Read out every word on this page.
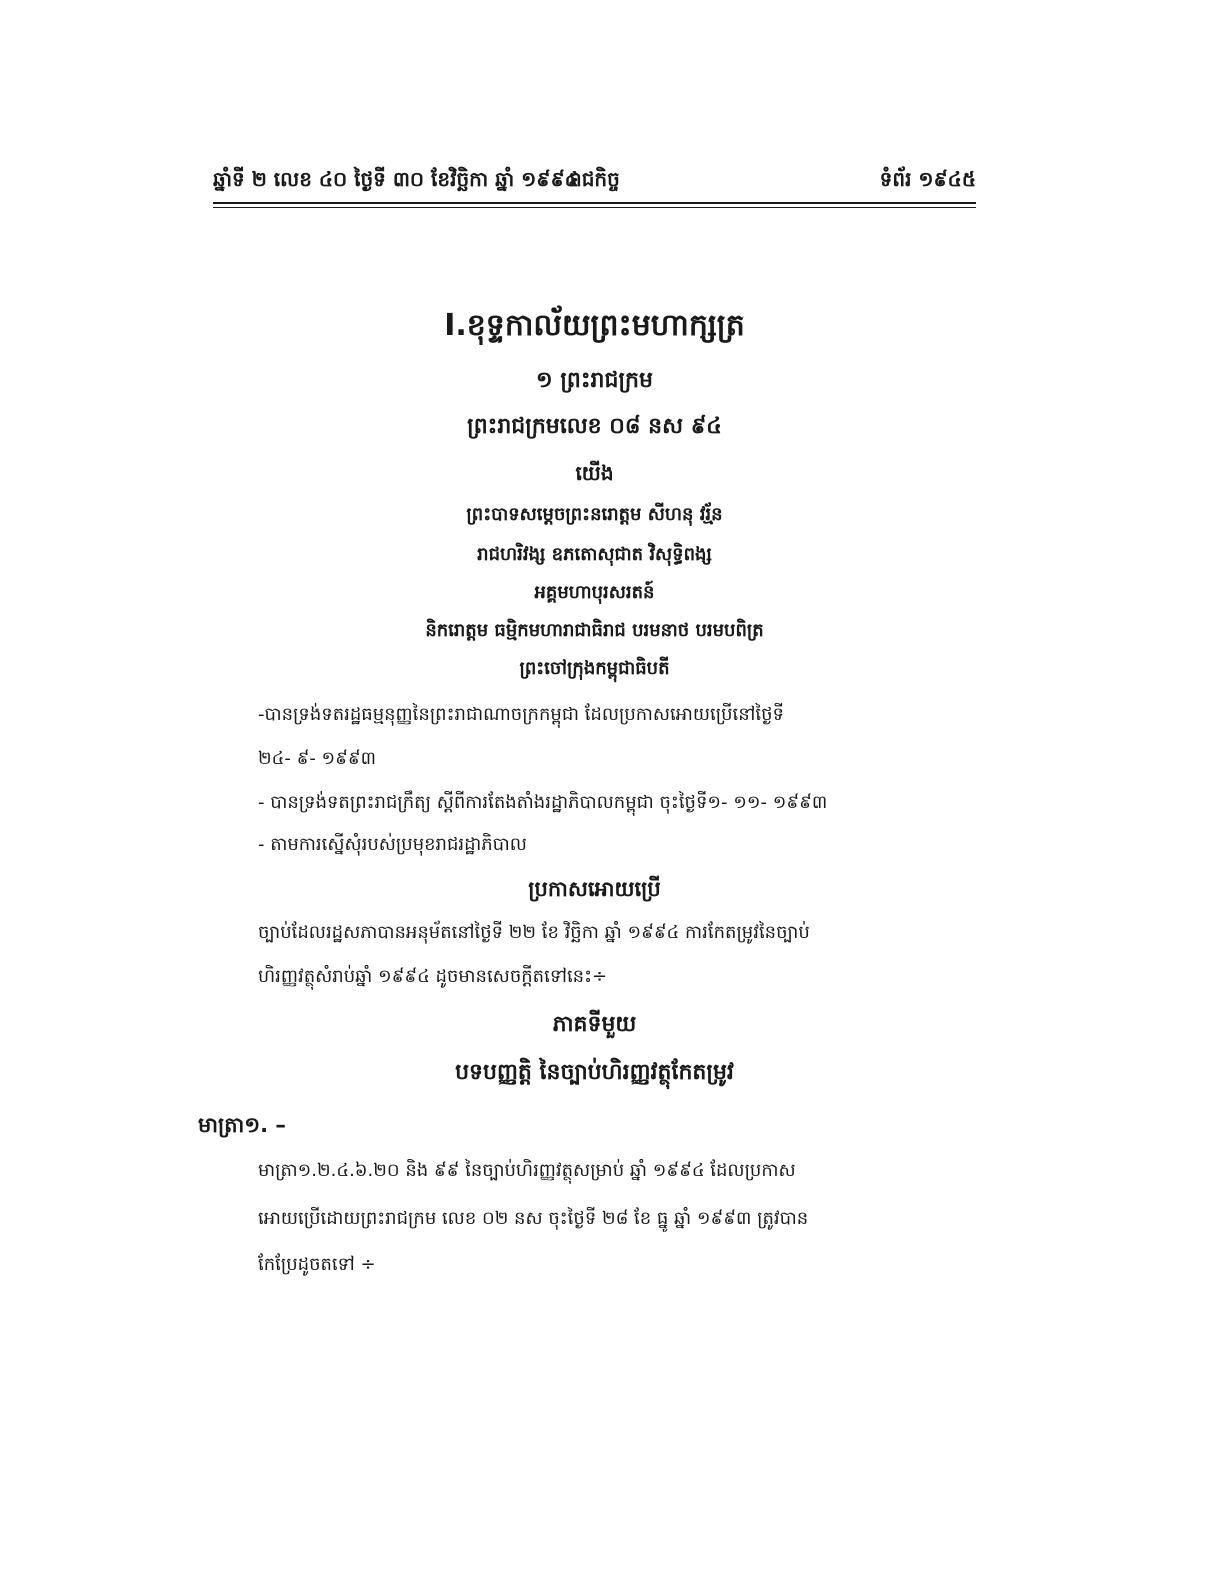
ឆ្នាំទី ២ លេខ ៤០ ថ្ងៃទី ៣០ ខែវិច្ឆិកា ឆ្នាំ ១៩៩៤
រាជកិច្ច	ទំព័រ ១៩៤៥
I.ខុទ្ទកាល័យព្រះមហាក្សត្រ
១ ព្រះរាជក្រម
ព្រះរាជក្រមលេខ ០៨ នស ៩៤
យើង
ព្រះបាទសម្តេចព្រះនរោត្តម សីហនុ វរ្ម័ន
រាជហរិវង្ស ឧភតោសុជាត វិសុទ្ធិពង្ស
អគ្គមហាបុរសរតន៍
និករោត្តម ធម្មិកមហារាជាធិរាជ បរមនាថ បរមបពិត្រ
ព្រះចៅក្រុងកម្ពុជាធិបតី
-បានទ្រង់ទតរដ្ឋធម្មនុញ្ញនៃព្រះរាជាណាចក្រកម្ពុជា ដែលប្រកាសអោយប្រើនៅថ្ងៃទី
២៤- ៩- ១៩៩៣
- បានទ្រង់ទតព្រះរាជក្រឹត្យ ស្តីពីការតែងតាំងរដ្ឋាភិបាលកម្ពុជា ចុះថ្ងៃទី១- ១១- ១៩៩៣
- តាមការស្នើសុំរបស់ប្រមុខរាជរដ្ឋាភិបាល
ប្រកាសអោយប្រើ
ច្បាប់ដែលរដ្ឋសភាបានអនុម័តនៅថ្ងៃទី ២២ ខែ វិច្ឆិកា ឆ្នាំ ១៩៩៤ ការកែតម្រូវនៃច្បាប់
ហិរញ្ញវត្ថុសំរាប់ឆ្នាំ ១៩៩៤ ដូចមានសេចក្តីតទៅនេះ÷
ភាគទីមួយ
បទបញ្ញត្តិ នៃច្បាប់ហិរញ្ញវត្ថុកែតម្រូវ
មាត្រា១. –
មាត្រា១.២.៤.៦.២០ និង ៩៩ នៃច្បាប់ហិរញ្ញវត្ថុសម្រាប់ ឆ្នាំ ១៩៩៤ ដែលប្រកាស
អោយប្រើដោយព្រះរាជក្រម លេខ ០២ នស ចុះថ្ងៃទី ២៨ ខែ ធ្នូ ឆ្នាំ ១៩៩៣ ត្រូវបាន
កែប្រែដូចតទៅ ÷
